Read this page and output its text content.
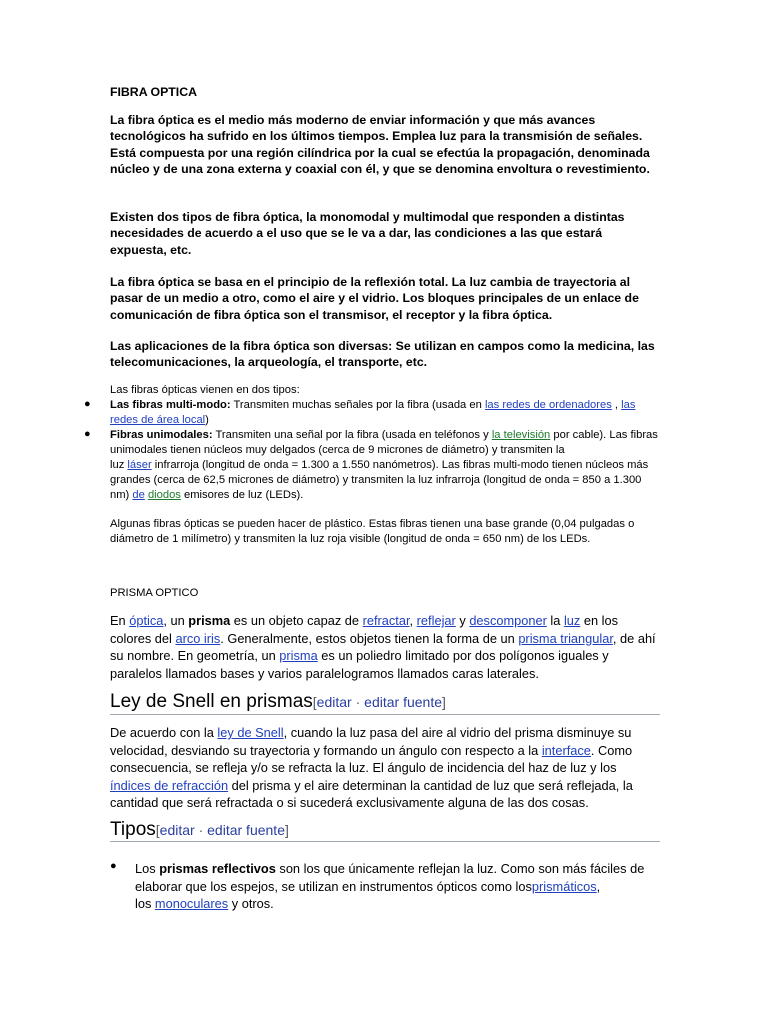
FIBRA OPTICA

La fibra óptica es el medio más moderno de enviar información y que más avances tecnológicos ha sufrido en los últimos tiempos. Emplea luz para la transmisión de señales. Está compuesta por una región cilíndrica por la cual se efectúa la propagación, denominada núcleo y de una zona externa y coaxial con él, y que se denomina envoltura o revestimiento.

Existen dos tipos de fibra óptica, la monomodal y multimodal que responden a distintas necesidades de acuerdo a el uso que se le va a dar, las condiciones a las que estará expuesta, etc.

La fibra óptica se basa en el principio de la reflexión total. La luz cambia de trayectoria al pasar de un medio a otro, como el aire y el vidrio. Los bloques principales de un enlace de comunicación de fibra óptica son el transmisor, el receptor y la fibra óptica.

Las aplicaciones de la fibra óptica son diversas: Se utilizan en campos como la medicina, las telecomunicaciones, la arqueología, el transporte, etc.

Las fibras ópticas vienen en dos tipos:

● Las fibras multi-modo: Transmiten muchas señales por la fibra (usada en las redes de ordenadores , las
redes de área local)

● Fibras unimodales: Transmiten una señal por la fibra (usada en teléfonos y la televisión por cable). Las fibras unimodales tienen núcleos muy delgados (cerca de 9 micrones de diámetro) y transmiten la
luz láser infrarroja (longitud de onda = 1.300 a 1.550 nanómetros). Las fibras multi-modo tienen núcleos más grandes (cerca de 62,5 micrones de diámetro) y transmiten la luz infrarroja (longitud de onda = 850 a 1.300 nm) de diodos emisores de luz (LEDs).

Algunas fibras ópticas se pueden hacer de plástico. Estas fibras tienen una base grande (0,04 pulgadas o diámetro de 1 milímetro) y transmiten la luz roja visible (longitud de onda = 650 nm) de los LEDs.

PRISMA OPTICO

En óptica, un prisma es un objeto capaz de refractar, reflejar y descomponer la luz en los colores del arco iris. Generalmente, estos objetos tienen la forma de un prisma triangular, de ahí su nombre. En geometría, un prisma es un poliedro limitado por dos polígonos iguales y paralelos llamados bases y varios paralelogramos llamados caras laterales.

Ley de Snell en prismas[editar · editar fuente]

De acuerdo con la ley de Snell, cuando la luz pasa del aire al vidrio del prisma disminuye su velocidad, desviando su trayectoria y formando un ángulo con respecto a la interface. Como consecuencia, se refleja y/o se refracta la luz. El ángulo de incidencia del haz de luz y los índices de refracción del prisma y el aire determinan la cantidad de luz que será reflejada, la cantidad que será refractada o si sucederá exclusivamente alguna de las dos cosas.

Tipos[editar · editar fuente]
● Los prismas reflectivos son los que únicamente reflejan la luz. Como son más fáciles de elaborar que los espejos, se utilizan en instrumentos ópticos como losprismáticos,
los monoculares y otros.
